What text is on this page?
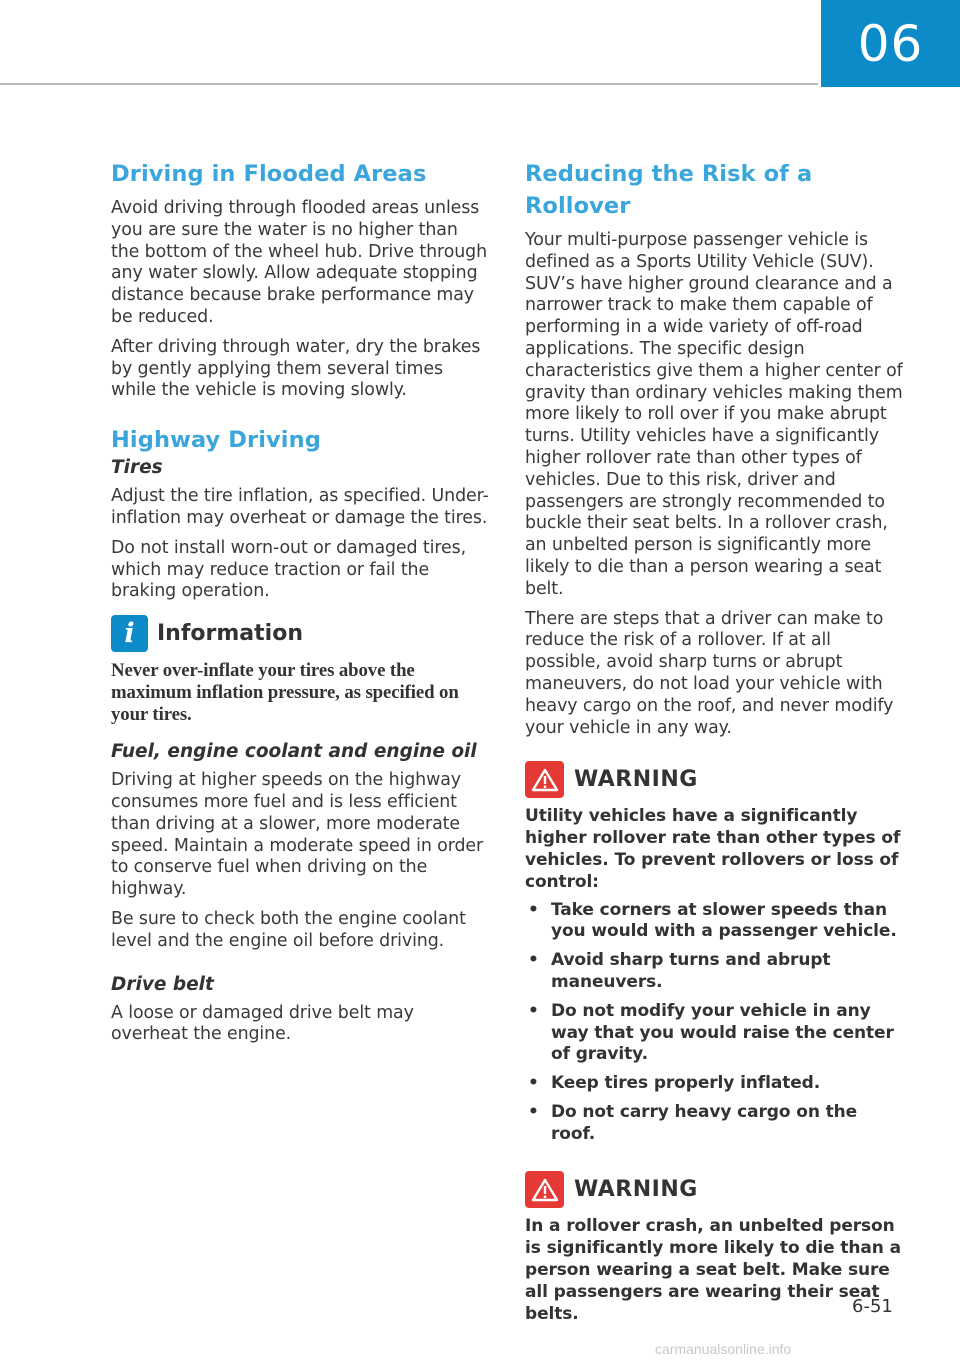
06
Driving in Flooded Areas

Avoid driving through flooded areas unless you are sure the water is no higher than the bottom of the wheel hub. Drive through any water slowly. Allow adequate stopping distance because brake performance may be reduced.

After driving through water, dry the brakes by gently applying them several times while the vehicle is moving slowly.

Highway Driving
Tires

Adjust the tire inflation, as specified. Under-inflation may overheat or damage the tires.

Do not install worn-out or damaged tires, which may reduce traction or fail the braking operation.

i	Information

Never over-inflate your tires above the maximum inflation pressure, as specified on your tires.

Fuel, engine coolant and engine oil

Driving at higher speeds on the highway consumes more fuel and is less efficient than driving at a slower, more moderate speed. Maintain a moderate speed in order to conserve fuel when driving on the highway.

Be sure to check both the engine coolant level and the engine oil before driving.

Drive belt

A loose or damaged drive belt may overheat the engine.

Reducing the Risk of a Rollover

Your multi-purpose passenger vehicle is defined as a Sports Utility Vehicle (SUV). SUV’s have higher ground clearance and a narrower track to make them capable of performing in a wide variety of off-road applications. The specific design characteristics give them a higher center of gravity than ordinary vehicles making them more likely to roll over if you make abrupt turns. Utility vehicles have a significantly higher rollover rate than other types of vehicles. Due to this risk, driver and passengers are strongly recommended to buckle their seat belts. In a rollover crash, an unbelted person is significantly more likely to die than a person wearing a seat belt.

There are steps that a driver can make to reduce the risk of a rollover. If at all possible, avoid sharp turns or abrupt maneuvers, do not load your vehicle with heavy cargo on the roof, and never modify your vehicle in any way.

WARNING

Utility vehicles have a significantly higher rollover rate than other types of vehicles. To prevent rollovers or loss of control:

• Take corners at slower speeds than you would with a passenger vehicle.
• Avoid sharp turns and abrupt maneuvers.
• Do not modify your vehicle in any way that you would raise the center of gravity.
• Keep tires properly inflated.
• Do not carry heavy cargo on the roof.
WARNING

In a rollover crash, an unbelted person is significantly more likely to die than a person wearing a seat belt. Make sure all passengers are wearing their seat belts.	6-51
carmanualsonline.info
